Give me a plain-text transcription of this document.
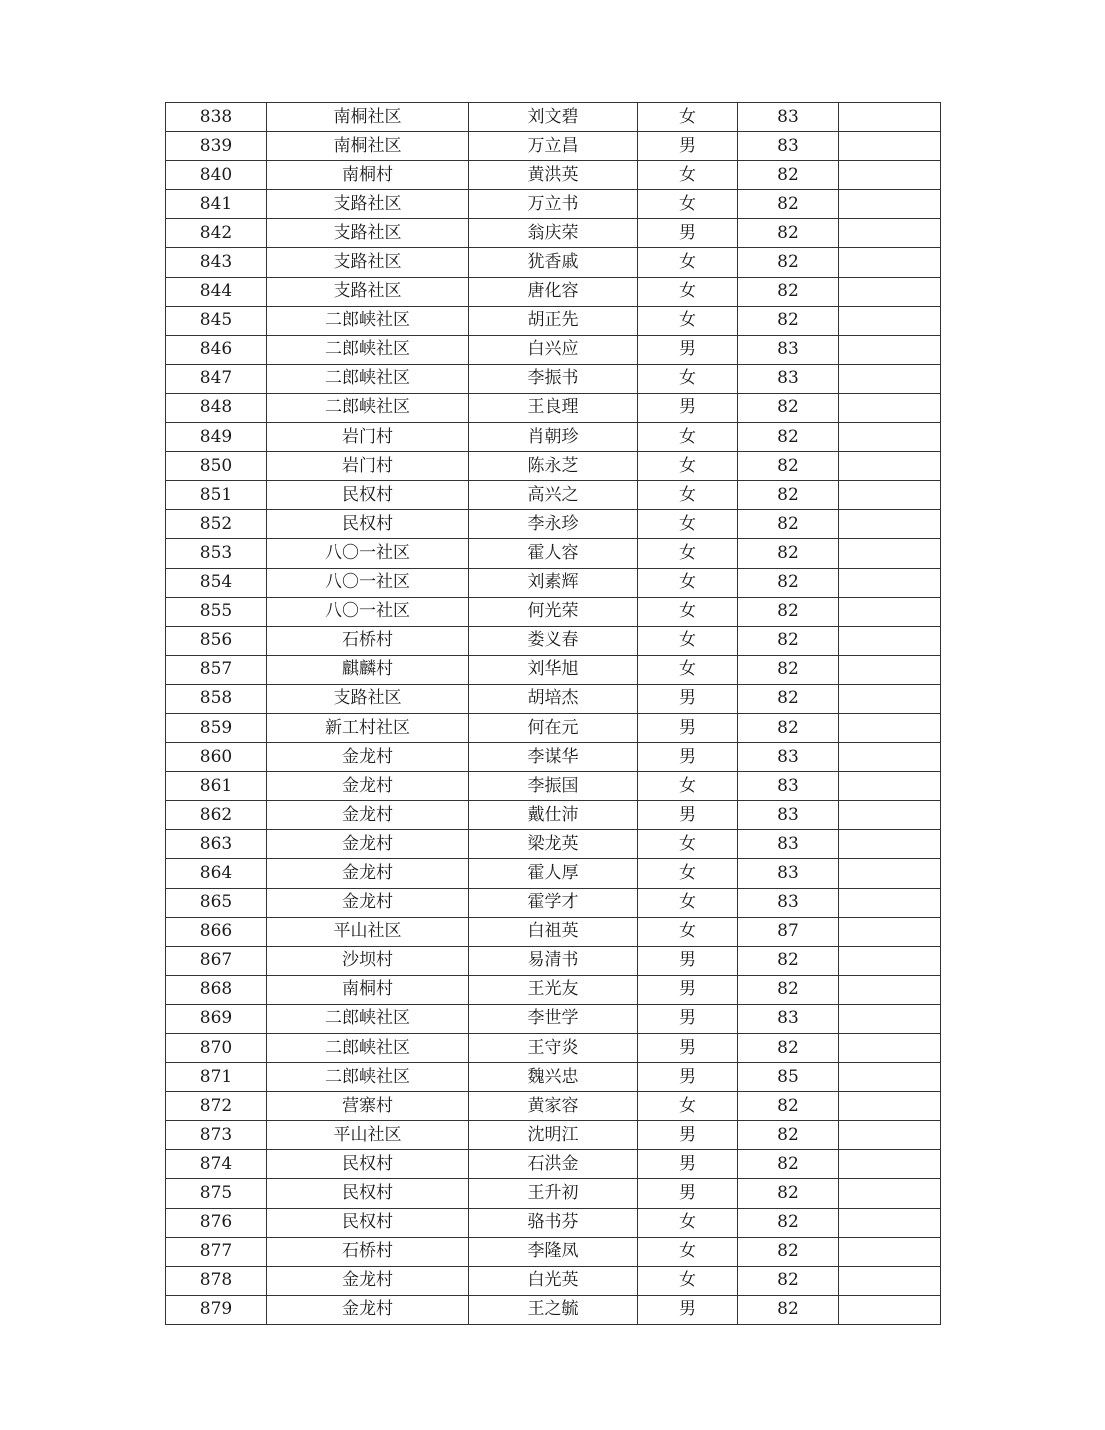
838	南桐社区	刘文碧	女	83	
839	南桐社区	万立昌	男	83	
840	南桐村	黄洪英	女	82	
841	支路社区	万立书	女	82	
842	支路社区	翁庆荣	男	82	
843	支路社区	犹香戚	女	82	
844	支路社区	唐化容	女	82	
845	二郎峡社区	胡正先	女	82	
846	二郎峡社区	白兴应	男	83	
847	二郎峡社区	李振书	女	83	
848	二郎峡社区	王良理	男	82	
849	岩门村	肖朝珍	女	82	
850	岩门村	陈永芝	女	82	
851	民权村	高兴之	女	82	
852	民权村	李永珍	女	82	
853	八〇一社区	霍人容	女	82	
854	八〇一社区	刘素辉	女	82	
855	八〇一社区	何光荣	女	82	
856	石桥村	娄义春	女	82	
857	麒麟村	刘华旭	女	82	
858	支路社区	胡培杰	男	82	
859	新工村社区	何在元	男	82	
860	金龙村	李谋华	男	83	
861	金龙村	李振国	女	83	
862	金龙村	戴仕沛	男	83	
863	金龙村	梁龙英	女	83	
864	金龙村	霍人厚	女	83	
865	金龙村	霍学才	女	83	
866	平山社区	白祖英	女	87	
867	沙坝村	易清书	男	82	
868	南桐村	王光友	男	82	
869	二郎峡社区	李世学	男	83	
870	二郎峡社区	王守炎	男	82	
871	二郎峡社区	魏兴忠	男	85	
872	营寨村	黄家容	女	82	
873	平山社区	沈明江	男	82	
874	民权村	石洪金	男	82	
875	民权村	王升初	男	82	
876	民权村	骆书芬	女	82	
877	石桥村	李隆凤	女	82	
878	金龙村	白光英	女	82	
879	金龙村	王之毓	男	82	
